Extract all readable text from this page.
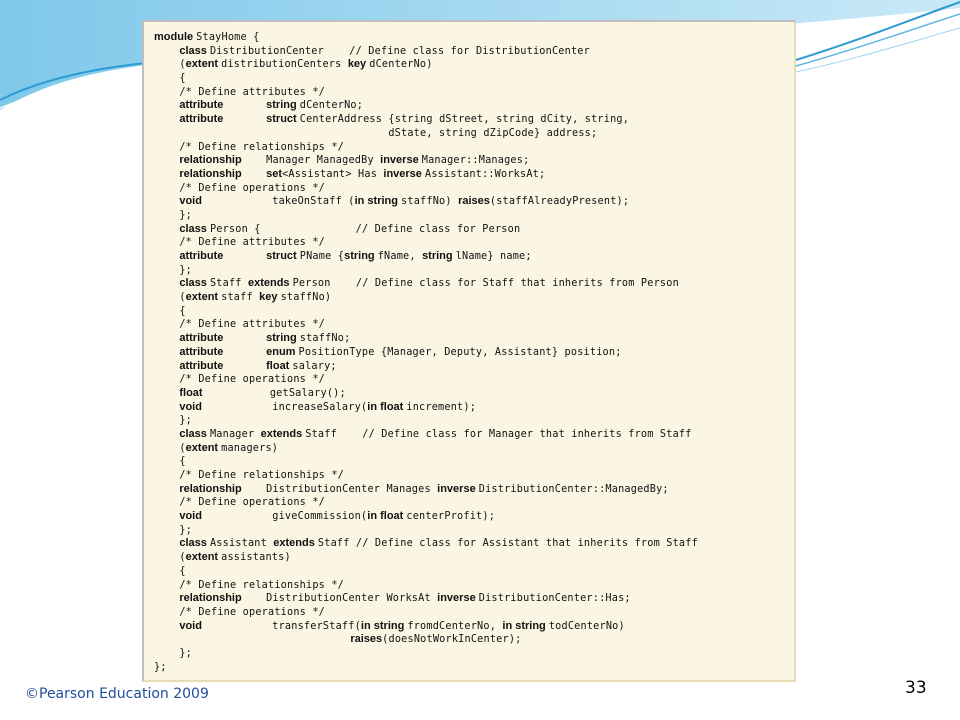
module StayHome {
class DistributionCenter    // Define class for DistributionCenter
(extent distributionCenters key dCenterNo)
{
/* Define attributes */
attribute              string dCenterNo;
attribute              struct CenterAddress {string dStreet, string dCity, string,
dState, string dZipCode} address;
/* Define relationships */
relationship        Manager ManagedBy inverse Manager::Manages;
relationship        set<Assistant> Has inverse Assistant::WorksAt;
/* Define operations */
void                       takeOnStaff (in string staffNo) raises(staffAlreadyPresent);
};
class Person {               // Define class for Person
/* Define attributes */
attribute              struct PName {string fName, string lName} name;
};
class Staff extends Person    // Define class for Staff that inherits from Person
(extent staff key staffNo)
{
/* Define attributes */
attribute              string staffNo;
attribute              enum PositionType {Manager, Deputy, Assistant} position;
attribute              float salary;
/* Define operations */
float                      getSalary();
void                       increaseSalary(in float increment);
};
class Manager extends Staff    // Define class for Manager that inherits from Staff
(extent managers)
{
/* Define relationships */
relationship        DistributionCenter Manages inverse DistributionCenter::ManagedBy;
/* Define operations */
void                       giveCommission(in float centerProfit);
};
class Assistant extends Staff // Define class for Assistant that inherits from Staff
(extent assistants)
{
/* Define relationships */
relationship        DistributionCenter WorksAt inverse DistributionCenter::Has;
/* Define operations */
void                       transferStaff(in string fromdCenterNo, in string todCenterNo)
raises(doesNotWorkInCenter);
};
};
©Pearson Education 2009	33
